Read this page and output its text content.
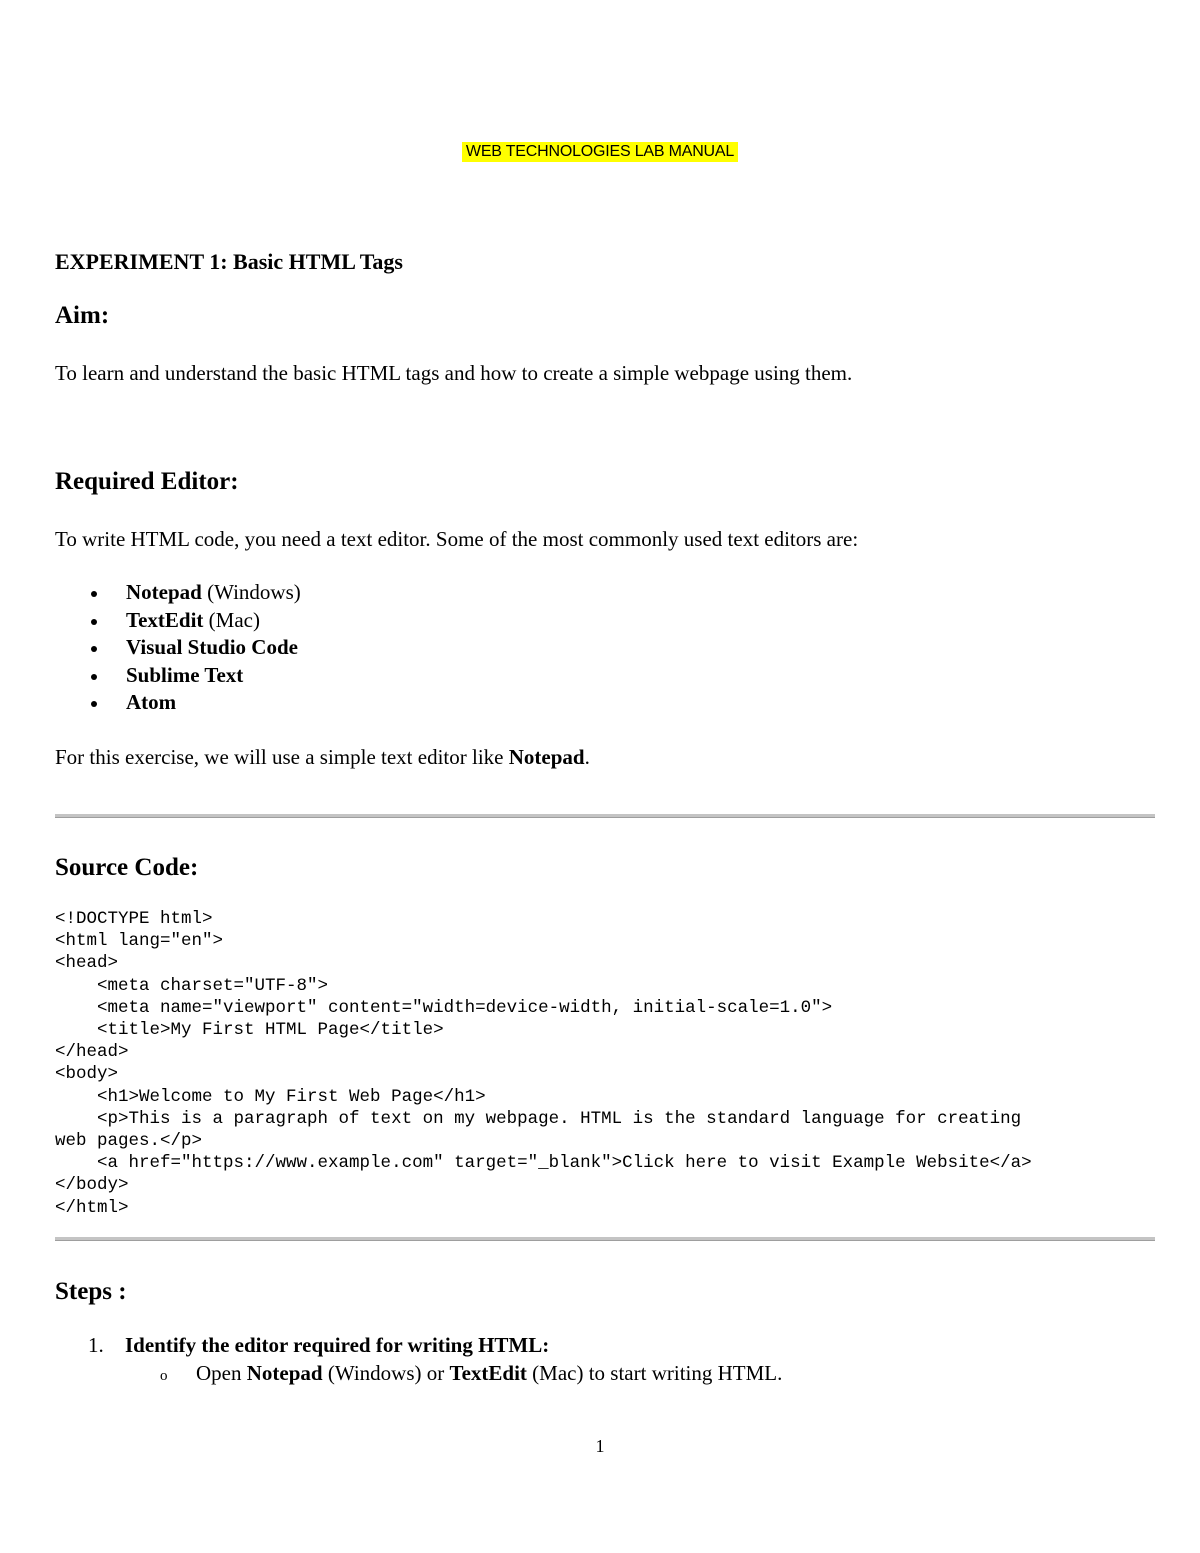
WEB TECHNOLOGIES LAB MANUAL
EXPERIMENT 1: Basic HTML Tags
Aim:
To learn and understand the basic HTML tags and how to create a simple webpage using them.
Required Editor:
To write HTML code, you need a text editor. Some of the most commonly used text editors are:
Notepad (Windows)
TextEdit (Mac)
Visual Studio Code
Sublime Text
Atom
For this exercise, we will use a simple text editor like Notepad.
Source Code:
<!DOCTYPE html>
<html lang="en">
<head>
<meta charset="UTF-8">
<meta name="viewport" content="width=device-width, initial-scale=1.0">
<title>My First HTML Page</title>
</head>
<body>
<h1>Welcome to My First Web Page</h1>
<p>This is a paragraph of text on my webpage. HTML is the standard language for creating
web pages.</p>
<a href="https://www.example.com" target="_blank">Click here to visit Example Website</a>
</body>
</html>
Steps :
1. Identify the editor required for writing HTML:
o Open Notepad (Windows) or TextEdit (Mac) to start writing HTML.
1
